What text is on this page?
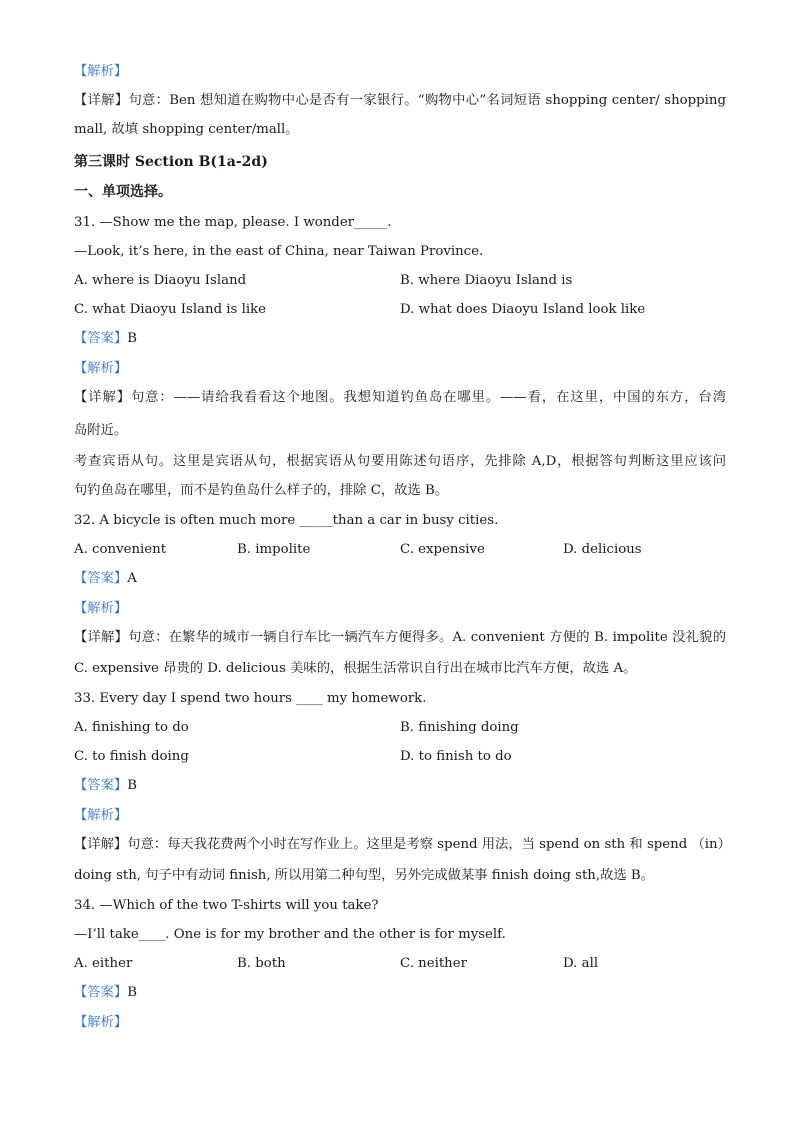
【解析】
【详解】句意：Ben 想知道在购物中心是否有一家银行。“购物中心”名词短语 shopping center/ shopping
mall, 故填 shopping center/mall。
第三课时 Section B(1a-2d)
一、单项选择。
31. —Show me the map, please. I wonder_____.
—Look, it’s here, in the east of China, near Taiwan Province.
A. where is Diaoyu Island	B. where Diaoyu Island is
C. what Diaoyu Island is like	D. what does Diaoyu Island look like
【答案】B
【解析】
【详解】句意：——请给我看看这个地图。我想知道钓鱼岛在哪里。——看，在这里，中国的东方，台湾
岛附近。
考查宾语从句。这里是宾语从句，根据宾语从句要用陈述句语序，先排除 A,D，根据答句判断这里应该问
句钓鱼岛在哪里，而不是钓鱼岛什么样子的，排除 C，故选 B。
32. A bicycle is often much more _____than a car in busy cities.
A. convenient	B. impolite	C. expensive	D. delicious
【答案】A
【解析】
【详解】句意：在繁华的城市一辆自行车比一辆汽车方便得多。A. convenient 方便的 B. impolite 没礼貌的
C. expensive 昂贵的 D. delicious 美味的，根据生活常识自行出在城市比汽车方便，故选 A。
33. Every day I spend two hours ____ my homework.
A. finishing to do	B. finishing doing
C. to finish doing	D. to finish to do
【答案】B
【解析】
【详解】句意：每天我花费两个小时在写作业上。这里是考察 spend 用法，当 spend on sth 和 spend （in）
doing sth, 句子中有动词 finish, 所以用第二种句型，另外完成做某事 finish doing sth,故选 B。
34. —Which of the two T-shirts will you take?
—I’ll take____. One is for my brother and the other is for myself.
A. either	B. both	C. neither	D. all
【答案】B
【解析】
